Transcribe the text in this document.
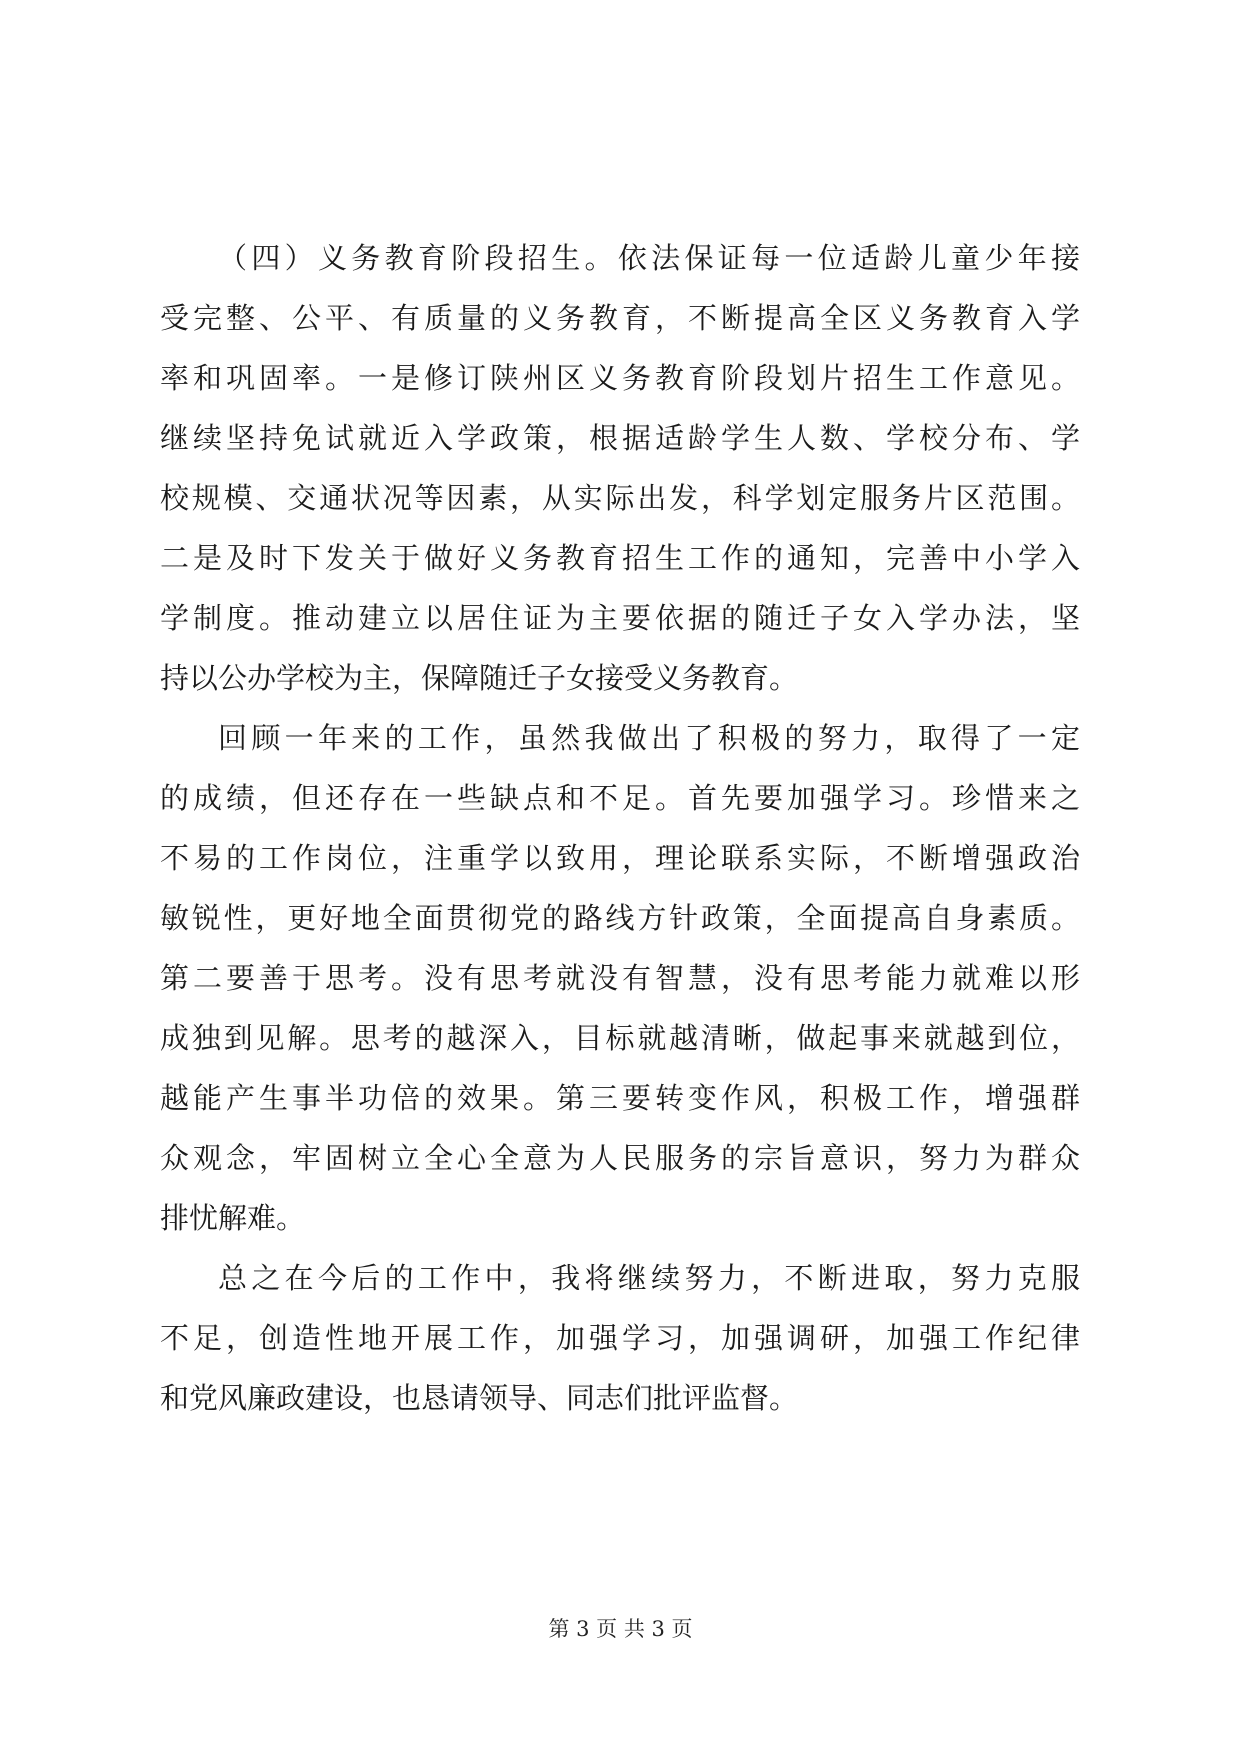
（四）义务教育阶段招生。依法保证每一位适龄儿童少年接
受完整、公平、有质量的义务教育，不断提高全区义务教育入学
率和巩固率。一是修订陕州区义务教育阶段划片招生工作意见。
继续坚持免试就近入学政策，根据适龄学生人数、学校分布、学
校规模、交通状况等因素，从实际出发，科学划定服务片区范围。
二是及时下发关于做好义务教育招生工作的通知，完善中小学入
学制度。推动建立以居住证为主要依据的随迁子女入学办法，坚
持以公办学校为主，保障随迁子女接受义务教育。
回顾一年来的工作，虽然我做出了积极的努力，取得了一定
的成绩，但还存在一些缺点和不足。首先要加强学习。珍惜来之
不易的工作岗位，注重学以致用，理论联系实际，不断增强政治
敏锐性，更好地全面贯彻党的路线方针政策，全面提高自身素质。
第二要善于思考。没有思考就没有智慧，没有思考能力就难以形
成独到见解。思考的越深入，目标就越清晰，做起事来就越到位，
越能产生事半功倍的效果。第三要转变作风，积极工作，增强群
众观念，牢固树立全心全意为人民服务的宗旨意识，努力为群众
排忧解难。
总之在今后的工作中，我将继续努力，不断进取，努力克服
不足，创造性地开展工作，加强学习，加强调研，加强工作纪律
和党风廉政建设，也恳请领导、同志们批评监督。
第 3 页 共 3 页
